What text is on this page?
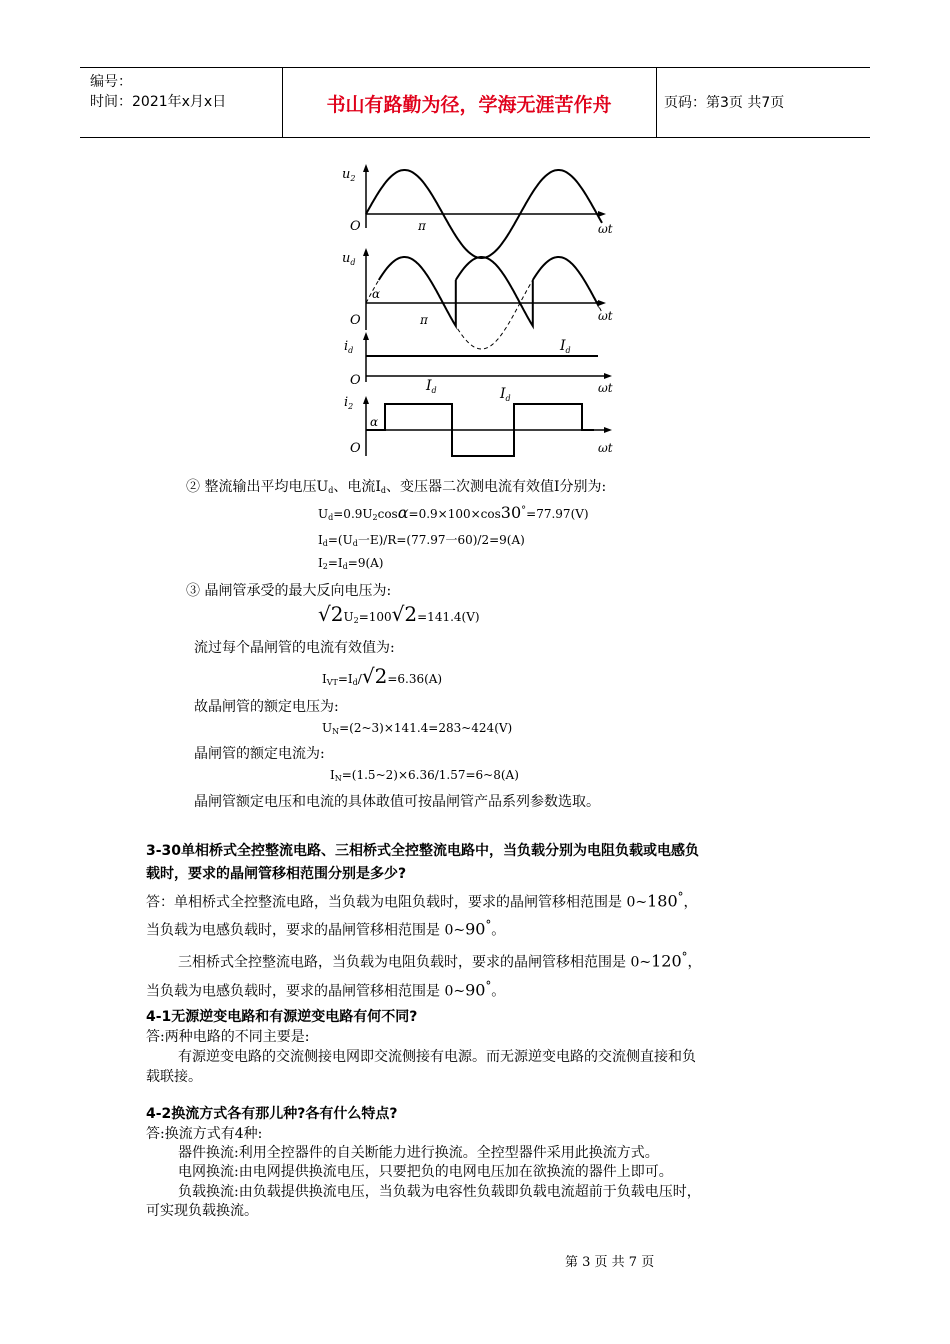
编号：
时间：2021年x月x日	书山有路勤为径，学海无涯苦作舟	页码：第3页 共7页
$u_2$
O	π	ωt
$u_d$
α
O	π	ωt
$i_d$	$I_d$
O	ωt
$i_2$
α
$I_d$	$I_d$
O	ωt
② 整流输出平均电压$U_d$、电流$I_d$、变压器二次测电流有效值I分别为:
$U_d=0.9U_2\cos\alpha=0.9\times 100\times\cos 30^\circ=77.97(V)$
$I_d=(U_d$一E)/R=(77.97一60)/2=9(A)
$I_2=I_d=9(A)$
③ 晶闸管承受的最大反向电压为:
$√2U_2=100√2=141.4(V)$
流过每个晶闸管的电流有效值为:
$I_{VT}=I_d/√2=6.36(A)$
故晶闸管的额定电压为:
$U_N=(2\sim 3)\times 141.4=283\sim 424(V)$
晶闸管的额定电流为:
$I_N=(1.5\sim 2)\times 6.36/1.57=6\sim 8(A)$
晶闸管额定电压和电流的具体敢值可按晶闸管产品系列参数选取。
3-30单相桥式全控整流电路、三相桥式全控整流电路中，当负载分别为电阻负载或电感负
载时，要求的晶闸管移相范围分别是多少?
答：单相桥式全控整流电路，当负载为电阻负载时，要求的晶闸管移相范围是 0~180°，
当负载为电感负载时，要求的晶闸管移相范围是 0~90°。
三相桥式全控整流电路，当负载为电阻负载时，要求的晶闸管移相范围是 0~120°，
当负载为电感负载时，要求的晶闸管移相范围是 0~90°。
4-1无源逆变电路和有源逆变电路有何不同?
答:两种电路的不同主要是:
有源逆变电路的交流侧接电网即交流侧接有电源。而无源逆变电路的交流侧直接和负
载联接。
4-2换流方式各有那儿种?各有什么特点?
答:换流方式有4种:
器件换流:利用全控器件的自关断能力进行换流。全控型器件采用此换流方式。
电网换流:由电网提供换流电压，只要把负的电网电压加在欲换流的器件上即可。
负载换流:由负载提供换流电压，当负载为电容性负载即负载电流超前于负载电压时，
可实现负载换流。
第 3 页 共 7 页
